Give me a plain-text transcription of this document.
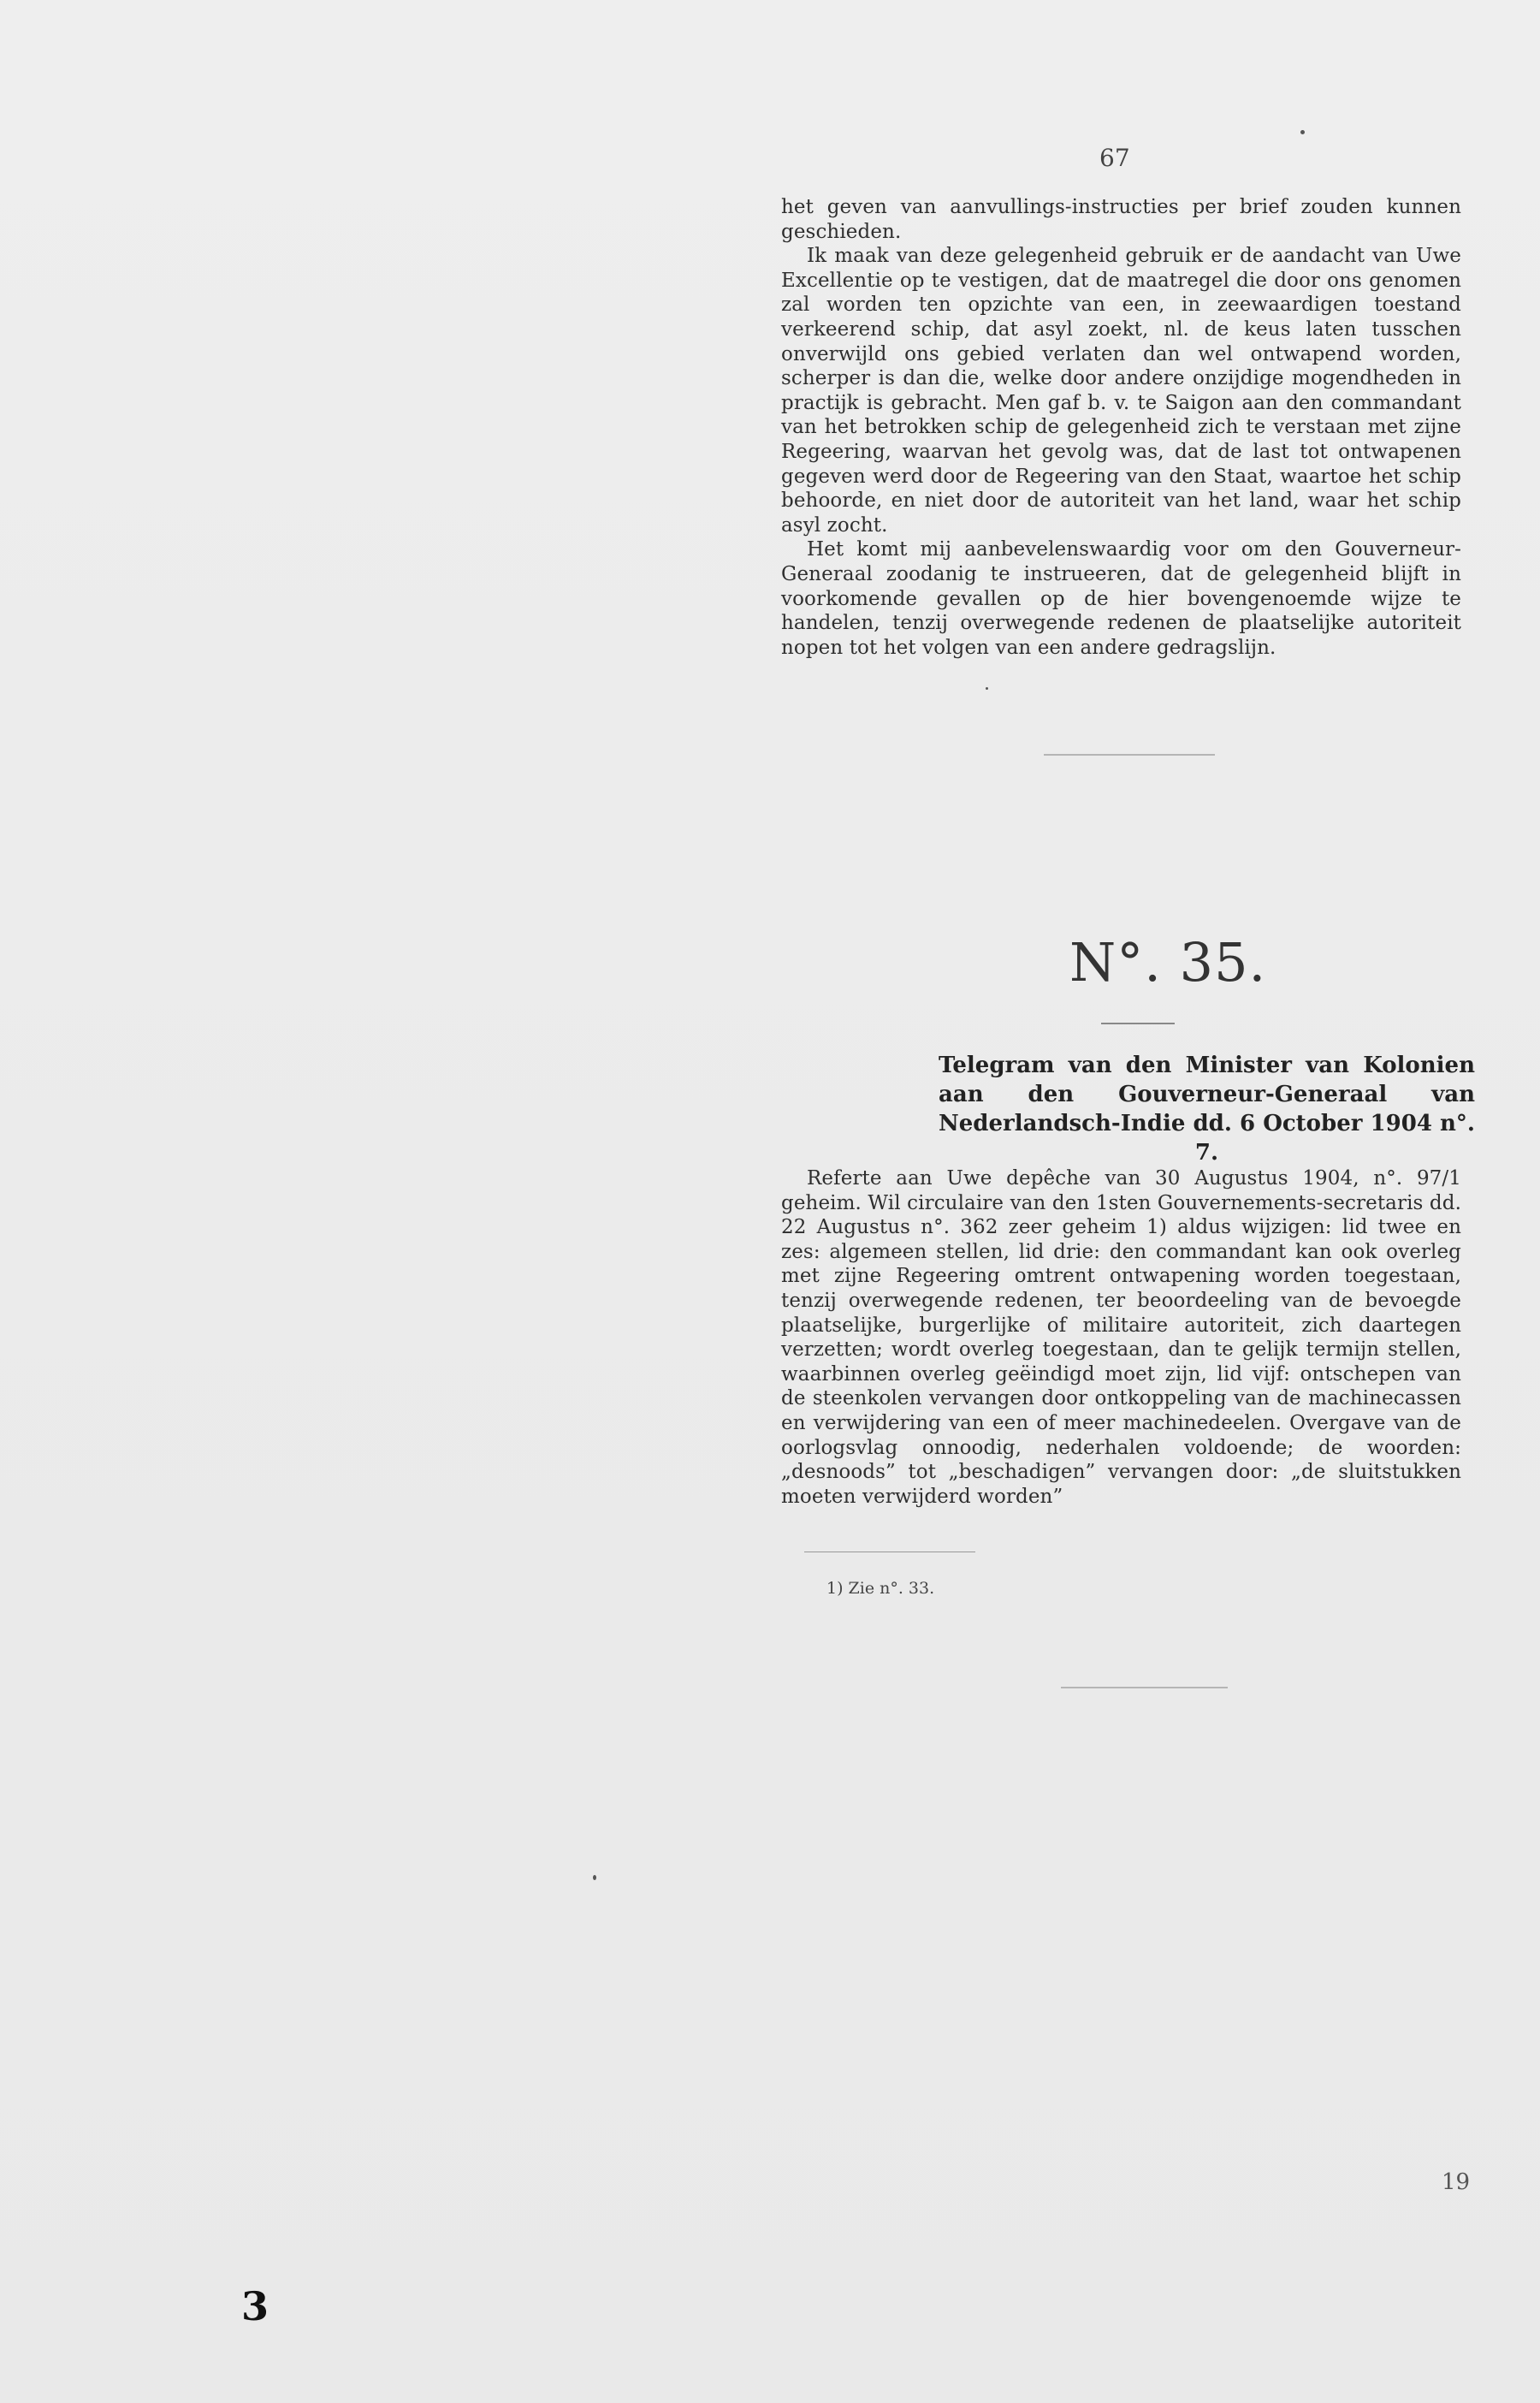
67

het geven van aanvullings-instructies per brief zouden kunnen geschieden.

Ik maak van deze gelegenheid gebruik er de aandacht van Uwe Excellentie op te vestigen, dat de maatregel die door ons genomen zal worden ten opzichte van een, in zeewaardigen toestand verkeerend schip, dat asyl zoekt, nl. de keus laten tusschen onverwijld ons gebied verlaten dan wel ontwapend worden, scherper is dan die, welke door andere onzijdige mogendheden in practijk is gebracht. Men gaf b. v. te Saigon aan den commandant van het betrokken schip de gelegenheid zich te verstaan met zijne Regeering, waarvan het gevolg was, dat de last tot ontwapenen gegeven werd door de Regeering van den Staat, waartoe het schip behoorde, en niet door de autoriteit van het land, waar het schip asyl zocht.

Het komt mij aanbevelenswaardig voor om den Gouverneur-Generaal zoodanig te instrueeren, dat de gelegenheid blijft in voorkomende gevallen op de hier bovengenoemde wijze te handelen, tenzij overwegende redenen de plaatselijke autoriteit nopen tot het volgen van een andere gedragslijn.

N°. 35.

Telegram van den Minister van Kolonien aan den Gouverneur-Generaal van Nederlandsch-Indie dd. 6 October 1904 n°. 7.

Referte aan Uwe depêche van 30 Augustus 1904, n°. 97/1 geheim. Wil circulaire van den 1sten Gouvernements-secretaris dd. 22 Augustus n°. 362 zeer geheim 1) aldus wijzigen: lid twee en zes: algemeen stellen, lid drie: den commandant kan ook overleg met zijne Regeering omtrent ontwapening worden toegestaan, tenzij overwegende redenen, ter beoordeeling van de bevoegde plaatselijke, burgerlijke of militaire autoriteit, zich daartegen verzetten; wordt overleg toegestaan, dan te gelijk termijn stellen, waarbinnen overleg geëindigd moet zijn, lid vijf: ontschepen van de steenkolen vervangen door ontkoppeling van de machinecassen en verwijdering van een of meer machinedeelen. Overgave van de oorlogsvlag onnoodig, nederhalen voldoende; de woorden: „desnoods” tot „beschadigen” vervangen door: „de sluitstukken moeten verwijderd worden”

1) Zie n°. 33.
19
3
